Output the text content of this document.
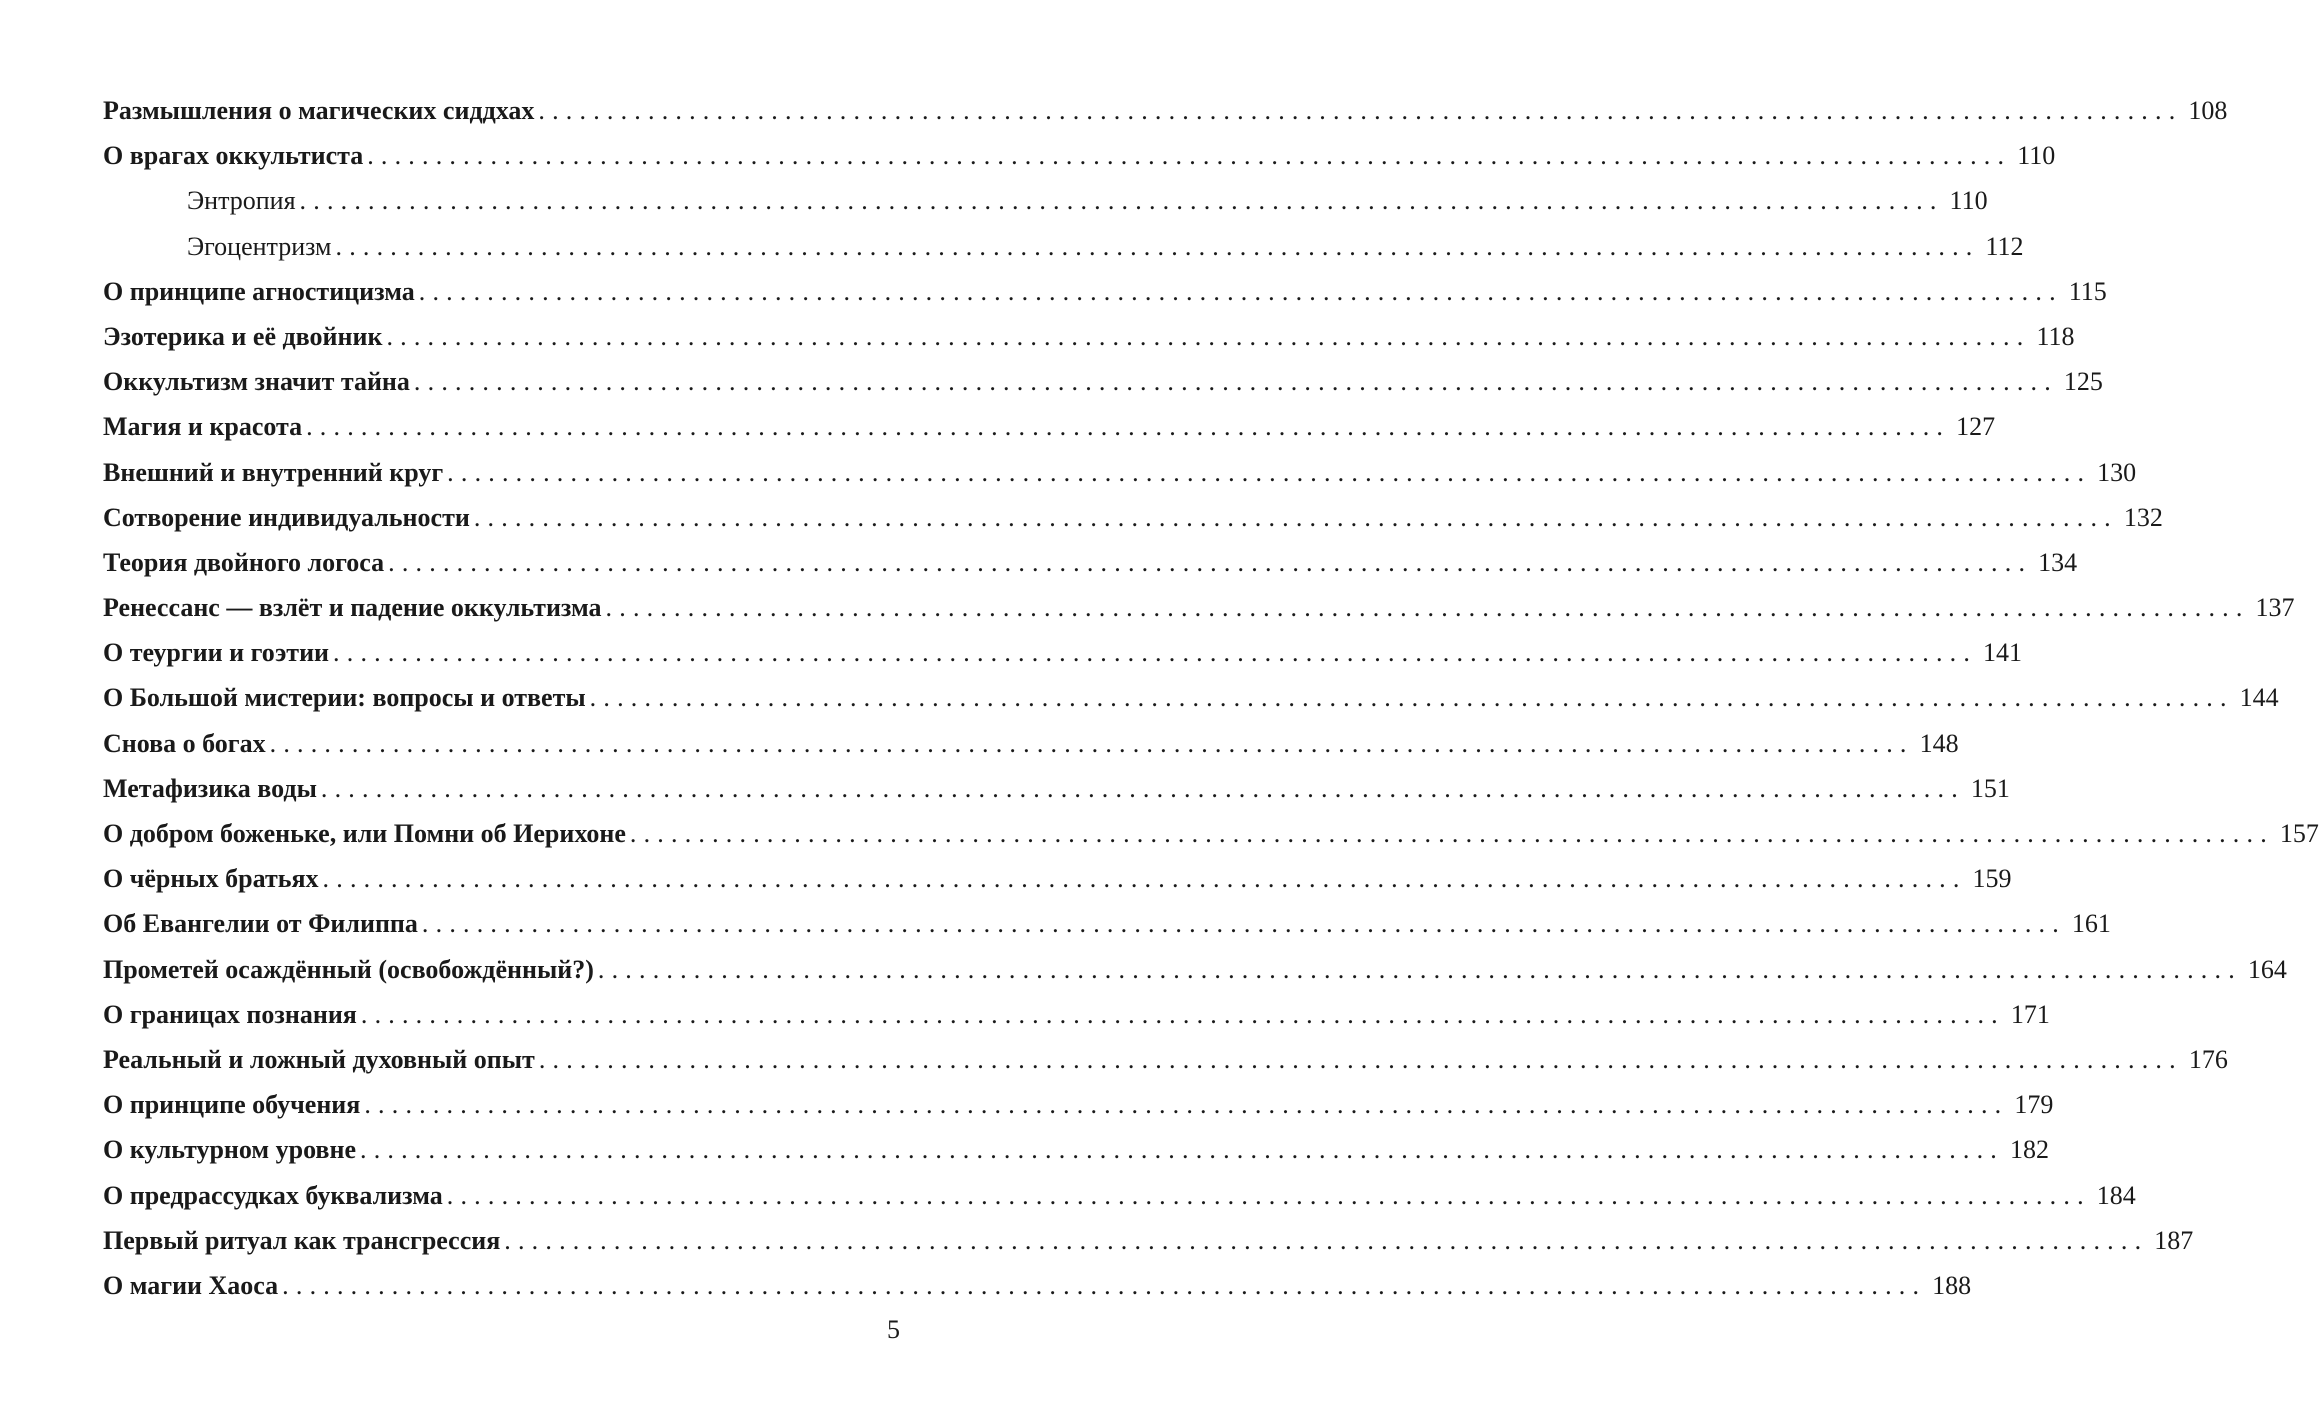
Размышления о магических сиддхах ........................................................................................................................ 108
О врагах оккультиста ........................................................................................................................ 110
Энтропия ........................................................................................................................ 110
Эгоцентризм ........................................................................................................................ 112
О принципе агностицизма ........................................................................................................................ 115
Эзотерика и её двойник ........................................................................................................................ 118
Оккультизм значит тайна ........................................................................................................................ 125
Магия и красота ........................................................................................................................ 127
Внешний и внутренний круг ........................................................................................................................ 130
Сотворение индивидуальности ........................................................................................................................ 132
Теория двойного логоса ........................................................................................................................ 134
Ренессанс — взлёт и падение оккультизма ........................................................................................................................ 137
О теургии и гоэтии ........................................................................................................................ 141
О Большой мистерии: вопросы и ответы ........................................................................................................................ 144
Снова о богах ........................................................................................................................ 148
Метафизика воды ........................................................................................................................ 151
О добром боженьке, или Помни об Иерихоне ........................................................................................................................ 157
О чёрных братьях ........................................................................................................................ 159
Об Евангелии от Филиппа ........................................................................................................................ 161
Прометей осаждённый (освобождённый?) ........................................................................................................................ 164
О границах познания ........................................................................................................................ 171
Реальный и ложный духовный опыт ........................................................................................................................ 176
О принципе обучения ........................................................................................................................ 179
О культурном уровне ........................................................................................................................ 182
О предрассудках буквализма ........................................................................................................................ 184
Первый ритуал как трансгрессия ........................................................................................................................ 187
О магии Хаоса ........................................................................................................................ 188
5
